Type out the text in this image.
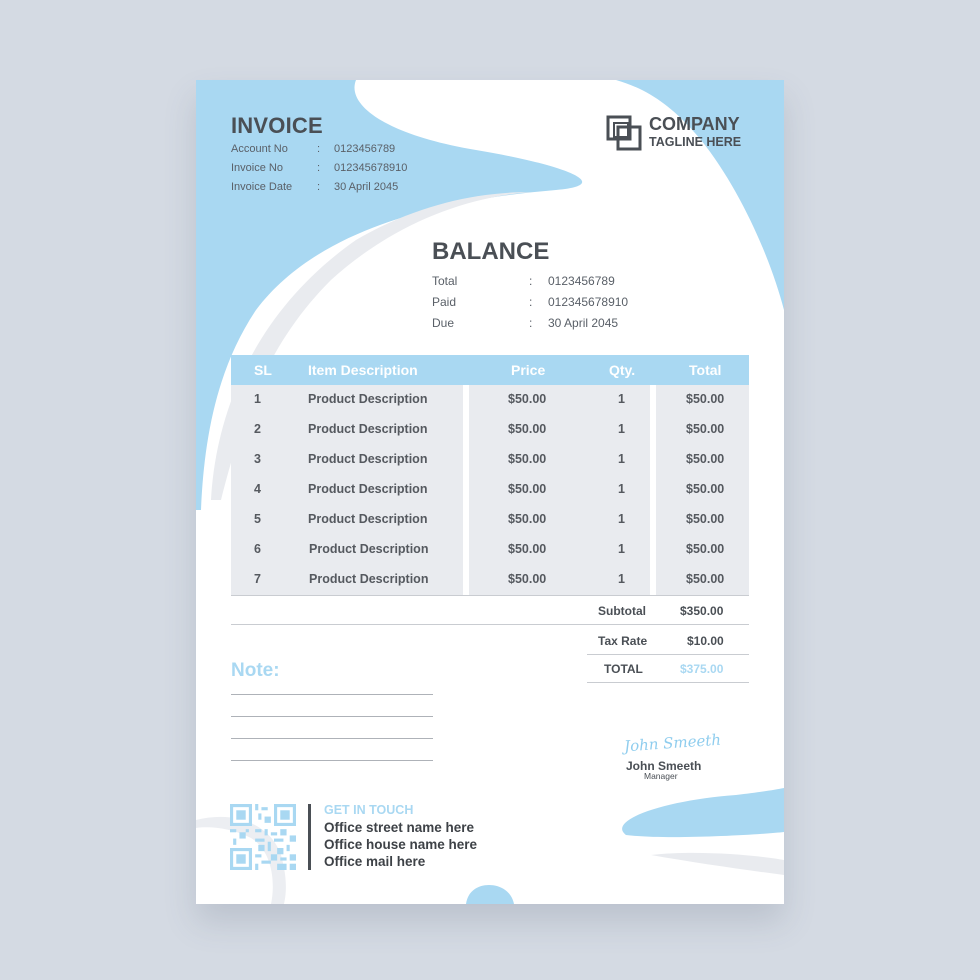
INVOICE
Account No	:	0123456789
Invoice No	:	012345678910
Invoice Date	:	30 April 2045
COMPANY
TAGLINE HERE
BALANCE
Total	:	0123456789
Paid	:	012345678910
Due	:	30 April 2045
SL	Item Description	Price	Qty.	Total
1	Product Description	$50.00	1	$50.00
2	Product Description	$50.00	1	$50.00
3	Product Description	$50.00	1	$50.00
4	Product Description	$50.00	1	$50.00
5	Product Description	$50.00	1	$50.00
6	Product Description	$50.00	1	$50.00
7	Product Description	$50.00	1	$50.00
Subtotal	$350.00
Tax Rate	$10.00
TOTAL	$375.00
Note:
John Smeeth
John Smeeth
Manager
GET IN TOUCH
Office street name here
Office house name here
Office mail here
